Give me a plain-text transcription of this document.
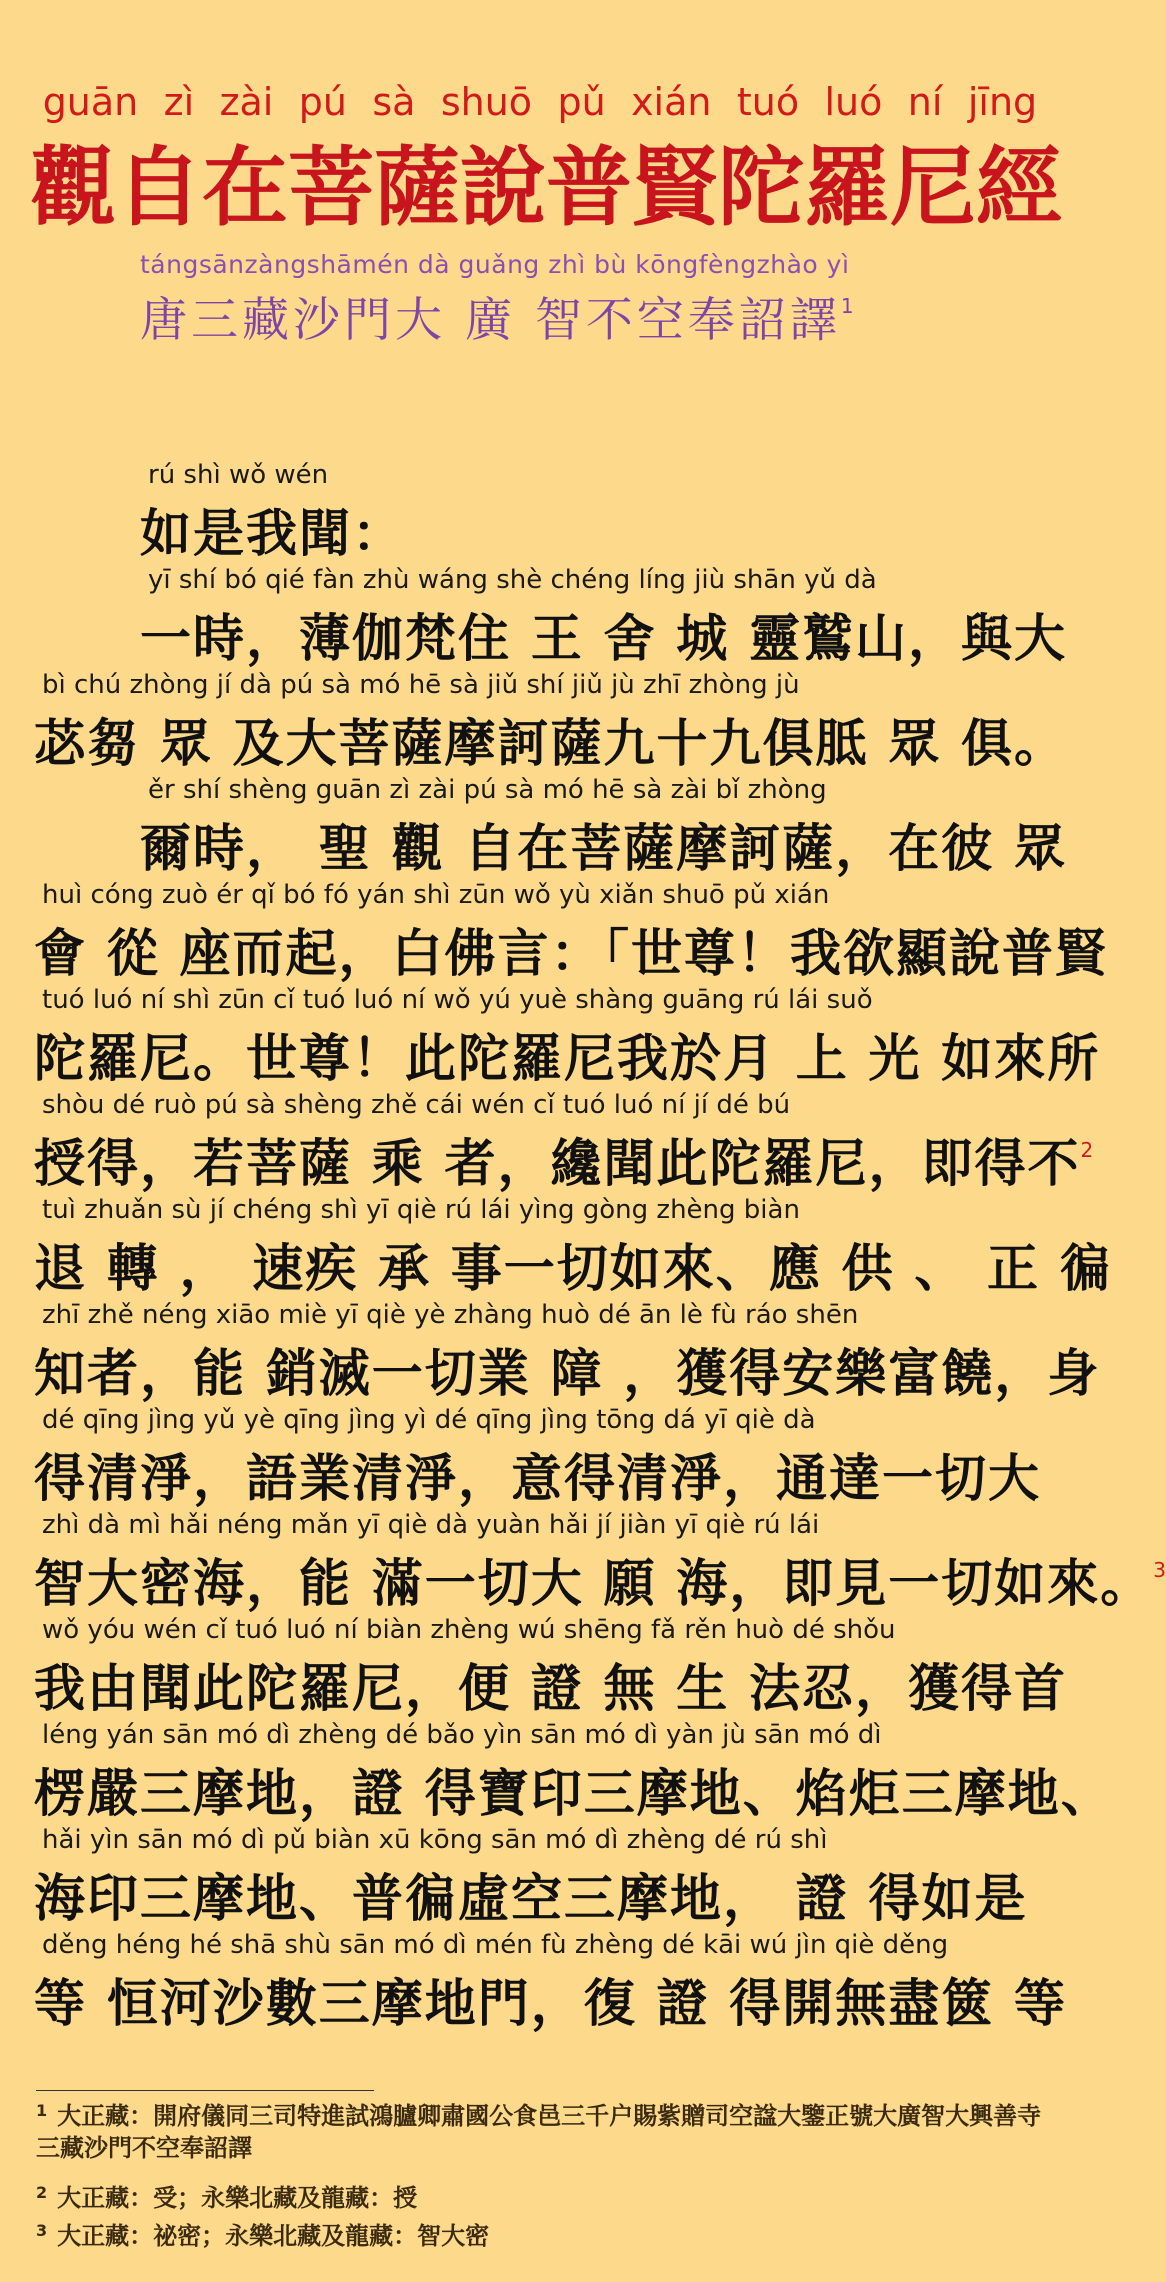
guān zì zài pú sà shuō pǔ xián tuó luó ní jīng
觀 自 在 菩 薩 說 普 賢 陀 羅 尼 經
tángsānzàngshāmén dà guǎng zhì bù kōngfèngzhào yì
唐三藏沙門大 廣 智不空奉詔譯$^1$
rú shì wǒ wén
如是我聞：
yī shí bó qié fàn zhù wáng shè chéng líng jiù shān yǔ dà
一時，薄伽梵住 王 舍 城 靈鷲山，與大
bì chú zhòng jí dà pú sà mó hē sà jiǔ shí jiǔ jù zhī zhòng jù
苾芻 眾 及大菩薩摩訶薩九十九俱胝 眾 俱。
ěr shí shèng guān zì zài pú sà mó hē sà zài bǐ zhòng
爾時， 聖 觀 自在菩薩摩訶薩，在彼 眾
huì cóng zuò ér qǐ bó fó yán shì zūn wǒ yù xiǎn shuō pǔ xián
會 從 座而起，白佛言：「世尊！我欲顯說普賢
tuó luó ní shì zūn cǐ tuó luó ní wǒ yú yuè shàng guāng rú lái suǒ
陀羅尼。世尊！此陀羅尼我於月 上 光 如來所
shòu dé ruò pú sà shèng zhě cái wén cǐ tuó luó ní jí dé bú
授得，若菩薩 乘 者，纔聞此陀羅尼，即得不$^2$
tuì zhuǎn sù jí chéng shì yī qiè rú lái yìng gòng zhèng biàn
退 轉 ， 速疾 承 事一切如來、應 供 、 正 徧
zhī zhě néng xiāo miè yī qiè yè zhàng huò dé ān lè fù ráo shēn
知者，能 銷滅一切業 障 ，獲得安樂富饒，身
dé qīng jìng yǔ yè qīng jìng yì dé qīng jìng tōng dá yī qiè dà
得清淨，語業清淨，意得清淨，通達一切大
zhì dà mì hǎi néng mǎn yī qiè dà yuàn hǎi jí jiàn yī qiè rú lái
智大密海，能 滿一切大 願 海，即見一切如來。$^3$
wǒ yóu wén cǐ tuó luó ní biàn zhèng wú shēng fǎ rěn huò dé shǒu
我由聞此陀羅尼，便 證 無 生 法忍，獲得首
léng yán sān mó dì zhèng dé bǎo yìn sān mó dì yàn jù sān mó dì
楞嚴三摩地，證 得寶印三摩地、焰炬三摩地、
hǎi yìn sān mó dì pǔ biàn xū kōng sān mó dì zhèng dé rú shì
海印三摩地、普徧虛空三摩地， 證 得如是
děng héng hé shā shù sān mó dì mén fù zhèng dé kāi wú jìn qiè děng
等 恒河沙數三摩地門，復 證 得開無盡篋 等
$^1$ 大正藏：開府儀同三司特進試鴻臚卿肅國公食邑三千户賜紫贈司空諡大鑒正號大廣智大興善寺三藏沙門不空奉詔譯
$^2$ 大正藏：受；永樂北藏及龍藏：授
$^3$ 大正藏：祕密；永樂北藏及龍藏：智大密
